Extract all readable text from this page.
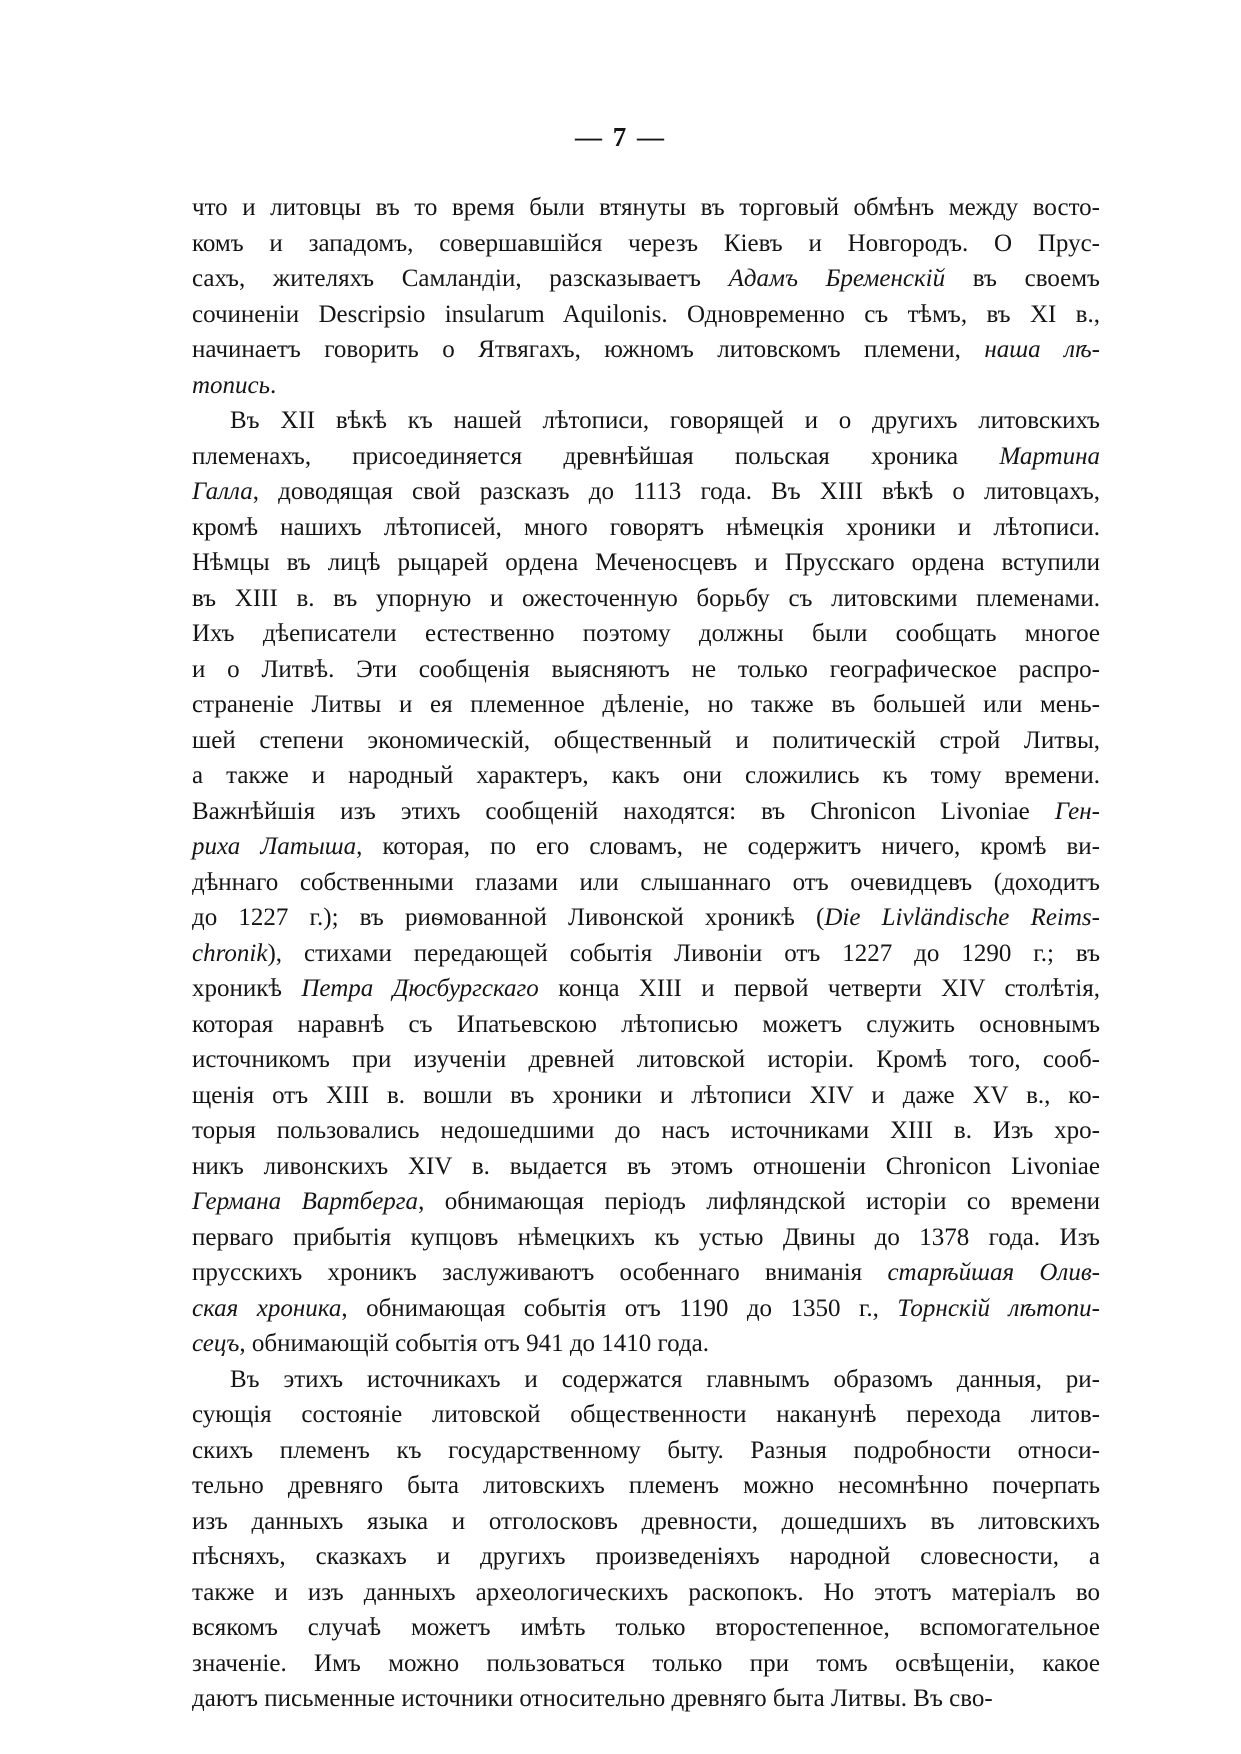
— 7 —
что и литовцы въ то время были втянуты въ торговый обмѣнъ между восто-
комъ и западомъ, совершавшійся черезъ Кіевъ и Новгородъ. О Прус-
сахъ, жителяхъ Самландіи, разсказываетъ Адамъ Бременскій въ своемъ
сочиненіи Descripsio insularum Aquilonis. Одновременно съ тѣмъ, въ XI в.,
начинаетъ говорить о Ятвягахъ, южномъ литовскомъ племени, наша лѣ-
топись.
Въ XII вѣкѣ къ нашей лѣтописи, говорящей и о другихъ литовскихъ
племенахъ, присоединяется древнѣйшая польская хроника Мартина
Галла, доводящая свой разсказъ до 1113 года. Въ XIII вѣкѣ о литовцахъ,
кромѣ нашихъ лѣтописей, много говорятъ нѣмецкія хроники и лѣтописи.
Нѣмцы въ лицѣ рыцарей ордена Меченосцевъ и Прусскаго ордена вступили
въ XIII в. въ упорную и ожесточенную борьбу съ литовскими племенами.
Ихъ дѣеписатели естественно поэтому должны были сообщать многое
и о Литвѣ. Эти сообщенія выясняютъ не только географическое распро-
страненіе Литвы и ея племенное дѣленіе, но также въ большей или мень-
шей степени экономическій, общественный и политическій строй Литвы,
а также и народный характеръ, какъ они сложились къ тому времени.
Важнѣйшія изъ этихъ сообщеній находятся: въ Chronicon Livoniae Ген-
риха Латыша, которая, по его словамъ, не содержитъ ничего, кромѣ ви-
дѣннаго собственными глазами или слышаннаго отъ очевидцевъ (доходитъ
до 1227 г.); въ риѳмованной Ливонской хроникѣ (Die Livländische Reims-
chronik), стихами передающей событія Ливоніи отъ 1227 до 1290 г.; въ
хроникѣ Петра Дюсбургскаго конца XIII и первой четверти XIV столѣтія,
которая наравнѣ съ Ипатьевскою лѣтописью можетъ служить основнымъ
источникомъ при изученіи древней литовской исторіи. Кромѣ того, сооб-
щенія отъ XIII в. вошли въ хроники и лѣтописи XIV и даже XV в., ко-
торыя пользовались недошедшими до насъ источниками XIII в. Изъ хро-
никъ ливонскихъ XIV в. выдается въ этомъ отношеніи Chronicon Livoniae
Германа Вартберга, обнимающая періодъ лифляндской исторіи со времени
перваго прибытія купцовъ нѣмецкихъ къ устью Двины до 1378 года. Изъ
прусскихъ хроникъ заслуживаютъ особеннаго вниманія старѣйшая Олив-
ская хроника, обнимающая событія отъ 1190 до 1350 г., Торнскій лѣтопи-
сецъ, обнимающій событія отъ 941 до 1410 года.
Въ этихъ источникахъ и содержатся главнымъ образомъ данныя, ри-
сующія состояніе литовской общественности наканунѣ перехода литов-
скихъ племенъ къ государственному быту. Разныя подробности относи-
тельно древняго быта литовскихъ племенъ можно несомнѣнно почерпать
изъ данныхъ языка и отголосковъ древности, дошедшихъ въ литовскихъ
пѣсняхъ, сказкахъ и другихъ произведеніяхъ народной словесности, а
также и изъ данныхъ археологическихъ раскопокъ. Но этотъ матеріалъ во
всякомъ случаѣ можетъ имѣть только второстепенное, вспомогательное
значеніе. Имъ можно пользоваться только при томъ освѣщеніи, какое
даютъ письменные источники относительно древняго быта Литвы. Въ сво-
